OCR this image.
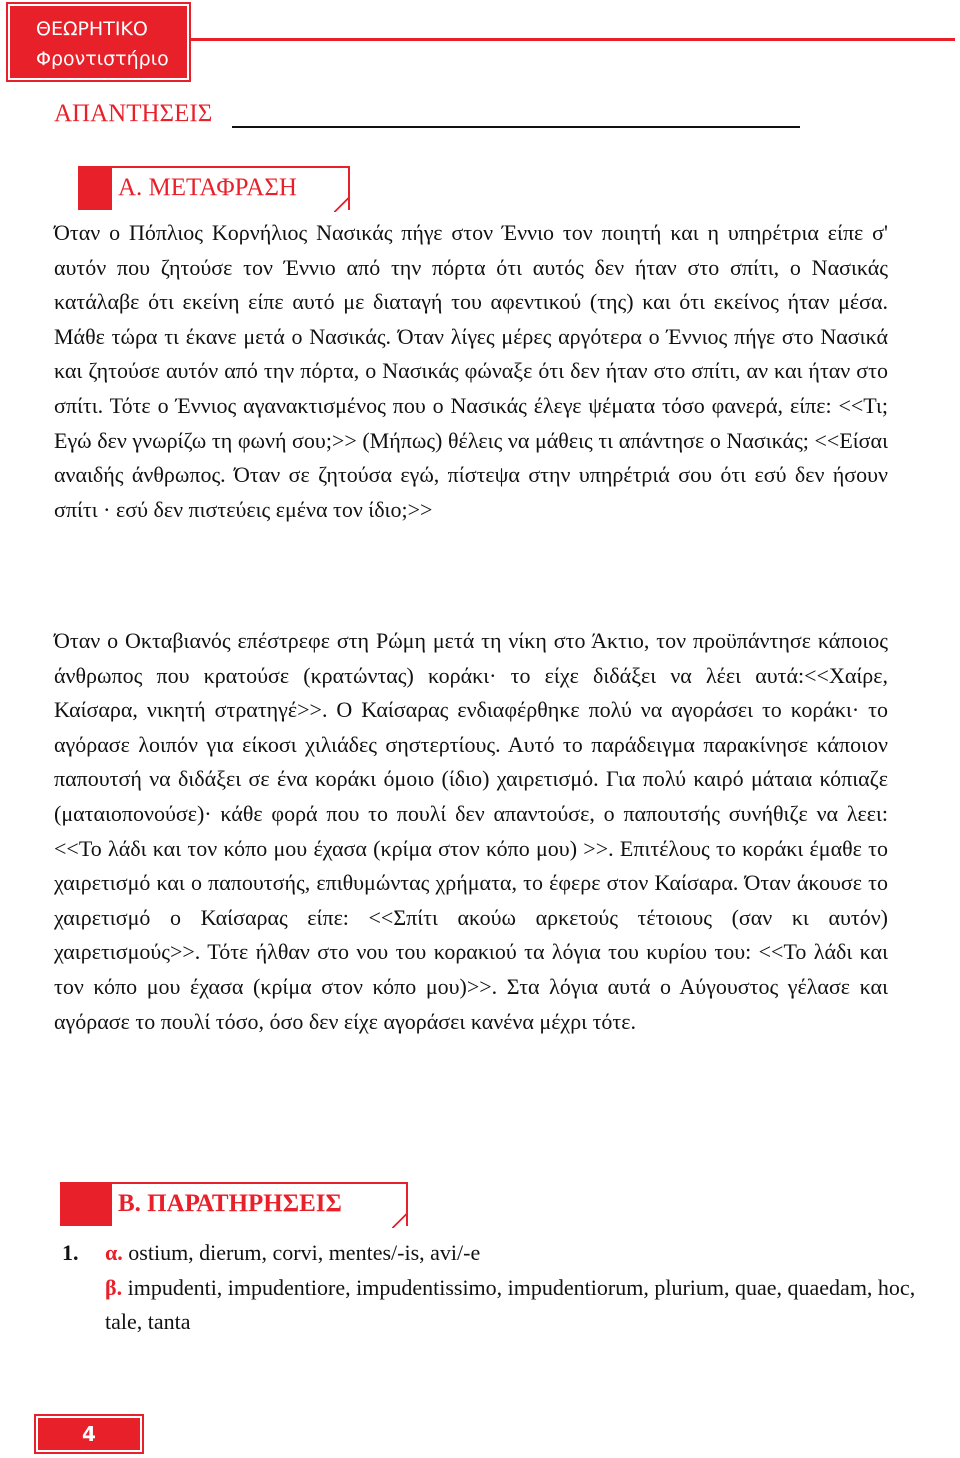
ΘΕΩΡΗΤΙΚΟ
Φροντιστήριο
ΑΠΑΝΤΗΣΕΙΣ
Α. ΜΕΤΑΦΡΑΣΗ

Όταν ο Πόπλιος Κορνήλιος Νασικάς πήγε στον Έννιο τον ποιητή και η υπηρέτρια είπε σ' αυτόν που ζητούσε τον Έννιο από την πόρτα ότι αυτός δεν ήταν στο σπίτι, ο Νασικάς κατάλαβε ότι εκείνη είπε αυτό με διαταγή του αφεντικού (της) και ότι εκείνος ήταν μέσα. Μάθε τώρα τι έκανε μετά ο Νασικάς. Όταν λίγες μέρες αργότερα ο Έννιος πήγε στο Νασικά και ζητούσε αυτόν από την πόρτα, ο Νασικάς φώναξε ότι δεν ήταν στο σπίτι, αν και ήταν στο σπίτι. Τότε ο Έννιος αγανακτισμένος που ο Νασικάς έλεγε ψέματα τόσο φανερά, είπε: <<Τι; Εγώ δεν γνωρίζω τη φωνή σου;>> (Μήπως) θέλεις να μάθεις τι απάντησε ο Νασικάς; <<Είσαι αναιδής άνθρωπος. Όταν σε ζητούσα εγώ, πίστεψα στην υπηρέτριά σου ότι εσύ δεν ήσουν σπίτι · εσύ δεν πιστεύεις εμένα τον ίδιο;>>

Όταν ο Οκταβιανός επέστρεφε στη Ρώμη μετά τη νίκη στο Άκτιο, τον προϋπάντησε κάποιος άνθρωπος που κρατούσε (κρατώντας) κοράκι· το είχε διδάξει να λέει αυτά:<<Χαίρε, Καίσαρα, νικητή στρατηγέ>>. Ο Καίσαρας ενδιαφέρθηκε πολύ να αγοράσει το κοράκι· το αγόρασε λοιπόν για είκοσι χιλιάδες σηστερτίους. Αυτό το παράδειγμα παρακίνησε κάποιον παπουτσή να διδάξει σε ένα κοράκι όμοιο (ίδιο) χαιρετισμό. Για πολύ καιρό μάταια κόπιαζε (ματαιοπονούσε)· κάθε φορά που το πουλί δεν απαντούσε, ο παπουτσής συνήθιζε να λεει: <<Το λάδι και τον κόπο μου έχασα (κρίμα στον κόπο μου) >>. Επιτέλους το κοράκι έμαθε το χαιρετισμό και ο παπουτσής, επιθυμώντας χρήματα, το έφερε στον Καίσαρα. Όταν άκουσε το χαιρετισμό ο Καίσαρας είπε: <<Σπίτι ακούω αρκετούς τέτοιους (σαν κι αυτόν) χαιρετισμούς>>. Τότε ήλθαν στο νου του κορακιού τα λόγια του κυρίου του: <<Το λάδι και τον κόπο μου έχασα (κρίμα στον κόπο μου)>>. Στα λόγια αυτά ο Αύγουστος γέλασε και αγόρασε το πουλί τόσο, όσο δεν είχε αγοράσει κανένα μέχρι τότε.

Β. ΠΑΡΑΤΗΡΗΣΕΙΣ
1. α. ostium, dierum, corvi, mentes/-is, avi/-e

β. impudenti, impudentiore, impudentissimo, impudentiorum, plurium, quae, quaedam, hoc, tale, tanta

4
